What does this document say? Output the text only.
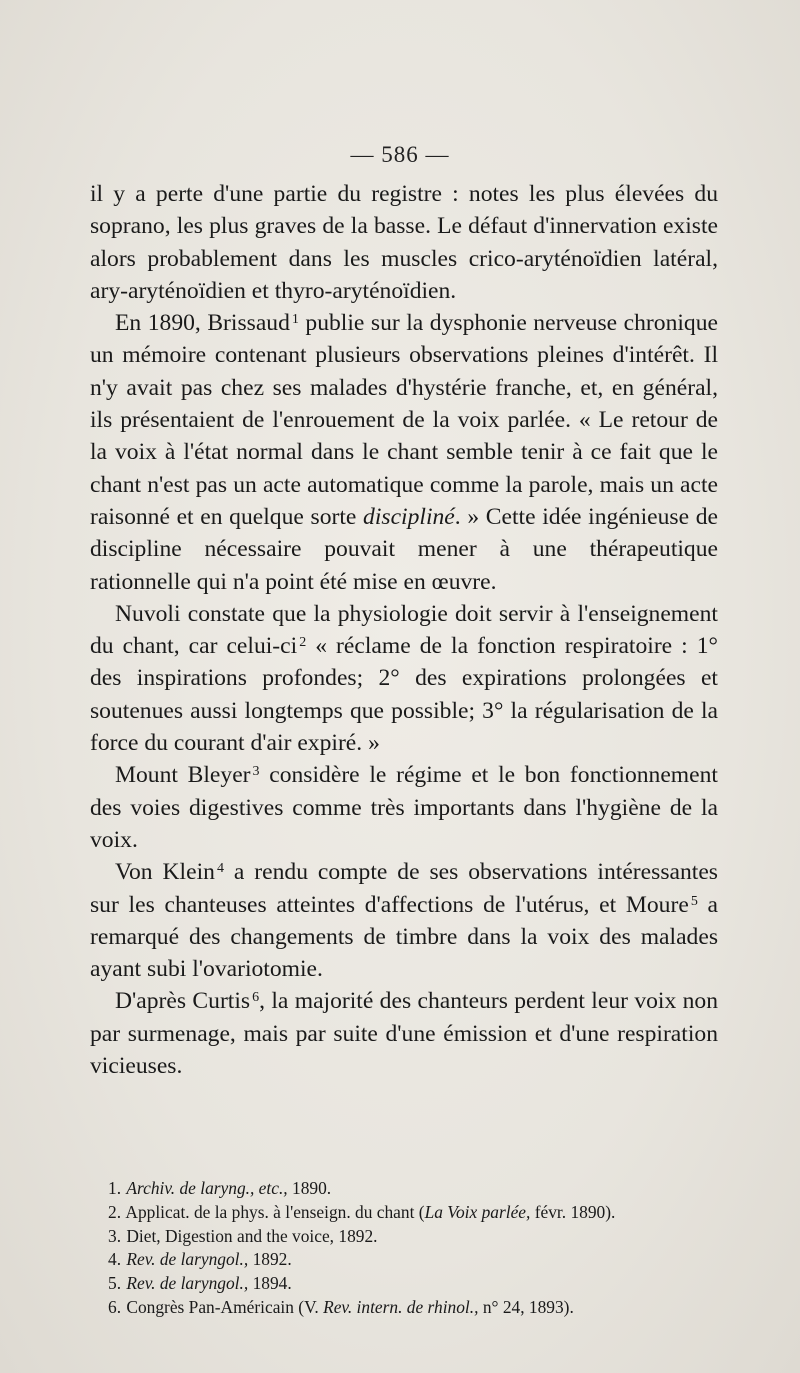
— 586 —

il y a perte d'une partie du registre : notes les plus élevées du soprano, les plus graves de la basse. Le défaut d'innervation existe alors probablement dans les muscles crico-aryténoïdien latéral, ary-aryténoïdien et thyro-aryténoïdien.

En 1890, Brissaud $^1$ publie sur la dysphonie nerveuse chronique un mémoire contenant plusieurs observations pleines d'intérêt. Il n'y avait pas chez ses malades d'hystérie franche, et, en général, ils présentaient de l'enrouement de la voix parlée. « Le retour de la voix à l'état normal dans le chant semble tenir à ce fait que le chant n'est pas un acte automatique comme la parole, mais un acte raisonné et en quelque sorte discipliné. » Cette idée ingénieuse de discipline nécessaire pouvait mener à une thérapeutique rationnelle qui n'a point été mise en œuvre.

Nuvoli constate que la physiologie doit servir à l'enseignement du chant, car celui-ci $^2$ « réclame de la fonction respiratoire : 1° des inspirations profondes; 2° des expirations prolongées et soutenues aussi longtemps que possible; 3° la régularisation de la force du courant d'air expiré. »

Mount Bleyer $^3$ considère le régime et le bon fonctionnement des voies digestives comme très importants dans l'hygiène de la voix.

Von Klein $^4$ a rendu compte de ses observations intéressantes sur les chanteuses atteintes d'affections de l'utérus, et Moure $^5$ a remarqué des changements de timbre dans la voix des malades ayant subi l'ovariotomie.

D'après Curtis $^6$, la majorité des chanteurs perdent leur voix non par surmenage, mais par suite d'une émission et d'une respiration vicieuses.

1. Archiv. de laryng., etc., 1890.
2. Applicat. de la phys. à l'enseign. du chant (La Voix parlée, févr. 1890).
3. Diet, Digestion and the voice, 1892.
4. Rev. de laryngol., 1892.
5. Rev. de laryngol., 1894.
6. Congrès Pan-Américain (V. Rev. intern. de rhinol., n° 24, 1893).
